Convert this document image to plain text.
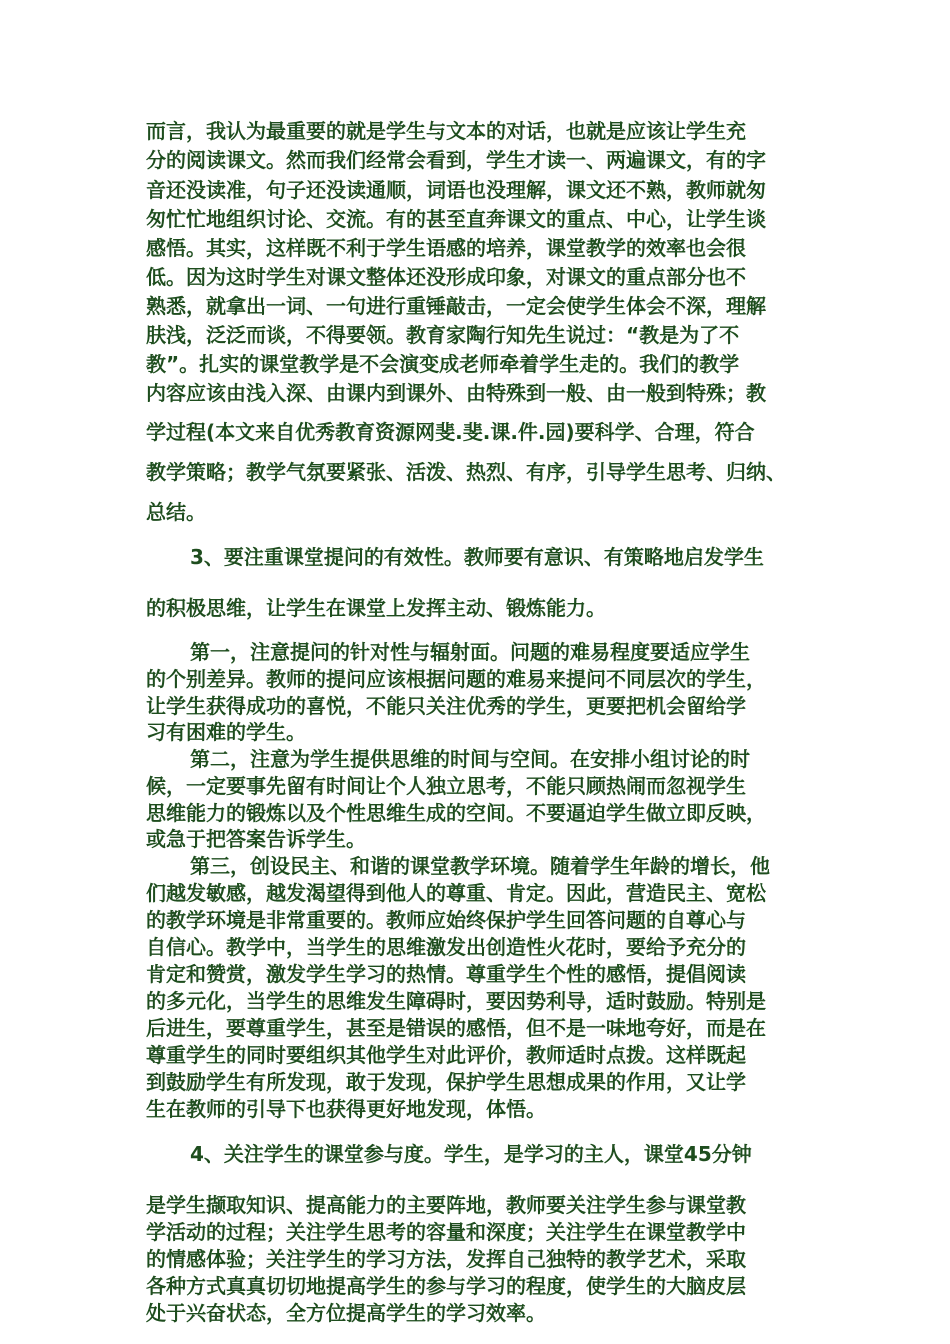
而言，我认为最重要的就是学生与文本的对话，也就是应该让学生充
分的阅读课文。然而我们经常会看到，学生才读一、两遍课文，有的字
音还没读准，句子还没读通顺，词语也没理解，课文还不熟，教师就匆
匆忙忙地组织讨论、交流。有的甚至直奔课文的重点、中心，让学生谈
感悟。其实，这样既不利于学生语感的培养，课堂教学的效率也会很
低。因为这时学生对课文整体还没形成印象，对课文的重点部分也不
熟悉，就拿出一词、一句进行重锤敲击，一定会使学生体会不深，理解
肤浅，泛泛而谈，不得要领。教育家陶行知先生说过：“教是为了不
教”。扎实的课堂教学是不会演变成老师牵着学生走的。我们的教学
内容应该由浅入深、由课内到课外、由特殊到一般、由一般到特殊；教
学过程(本文来自优秀教育资源网斐.斐.课.件.园)要科学、合理，符合
教学策略；教学气氛要紧张、活泼、热烈、有序，引导学生思考、归纳、
总结。
3、要注重课堂提问的有效性。教师要有意识、有策略地启发学生
的积极思维，让学生在课堂上发挥主动、锻炼能力。
第一，注意提问的针对性与辐射面。问题的难易程度要适应学生
的个别差异。教师的提问应该根据问题的难易来提问不同层次的学生，
让学生获得成功的喜悦，不能只关注优秀的学生，更要把机会留给学
习有困难的学生。
第二，注意为学生提供思维的时间与空间。在安排小组讨论的时
候，一定要事先留有时间让个人独立思考，不能只顾热闹而忽视学生
思维能力的锻炼以及个性思维生成的空间。不要逼迫学生做立即反映，
或急于把答案告诉学生。
第三，创设民主、和谐的课堂教学环境。随着学生年龄的增长，他
们越发敏感，越发渴望得到他人的尊重、肯定。因此，营造民主、宽松
的教学环境是非常重要的。教师应始终保护学生回答问题的自尊心与
自信心。教学中，当学生的思维激发出创造性火花时，要给予充分的
肯定和赞赏，激发学生学习的热情。尊重学生个性的感悟，提倡阅读
的多元化，当学生的思维发生障碍时，要因势利导，适时鼓励。特别是
后进生，要尊重学生，甚至是错误的感悟，但不是一味地夸好，而是在
尊重学生的同时要组织其他学生对此评价，教师适时点拨。这样既起
到鼓励学生有所发现，敢于发现，保护学生思想成果的作用，又让学
生在教师的引导下也获得更好地发现，体悟。
4、关注学生的课堂参与度。学生，是学习的主人，课堂45分钟
是学生撷取知识、提高能力的主要阵地，教师要关注学生参与课堂教
学活动的过程；关注学生思考的容量和深度；关注学生在课堂教学中
的情感体验；关注学生的学习方法，发挥自己独特的教学艺术，采取
各种方式真真切切地提高学生的参与学习的程度，使学生的大脑皮层
处于兴奋状态，全方位提高学生的学习效率。
